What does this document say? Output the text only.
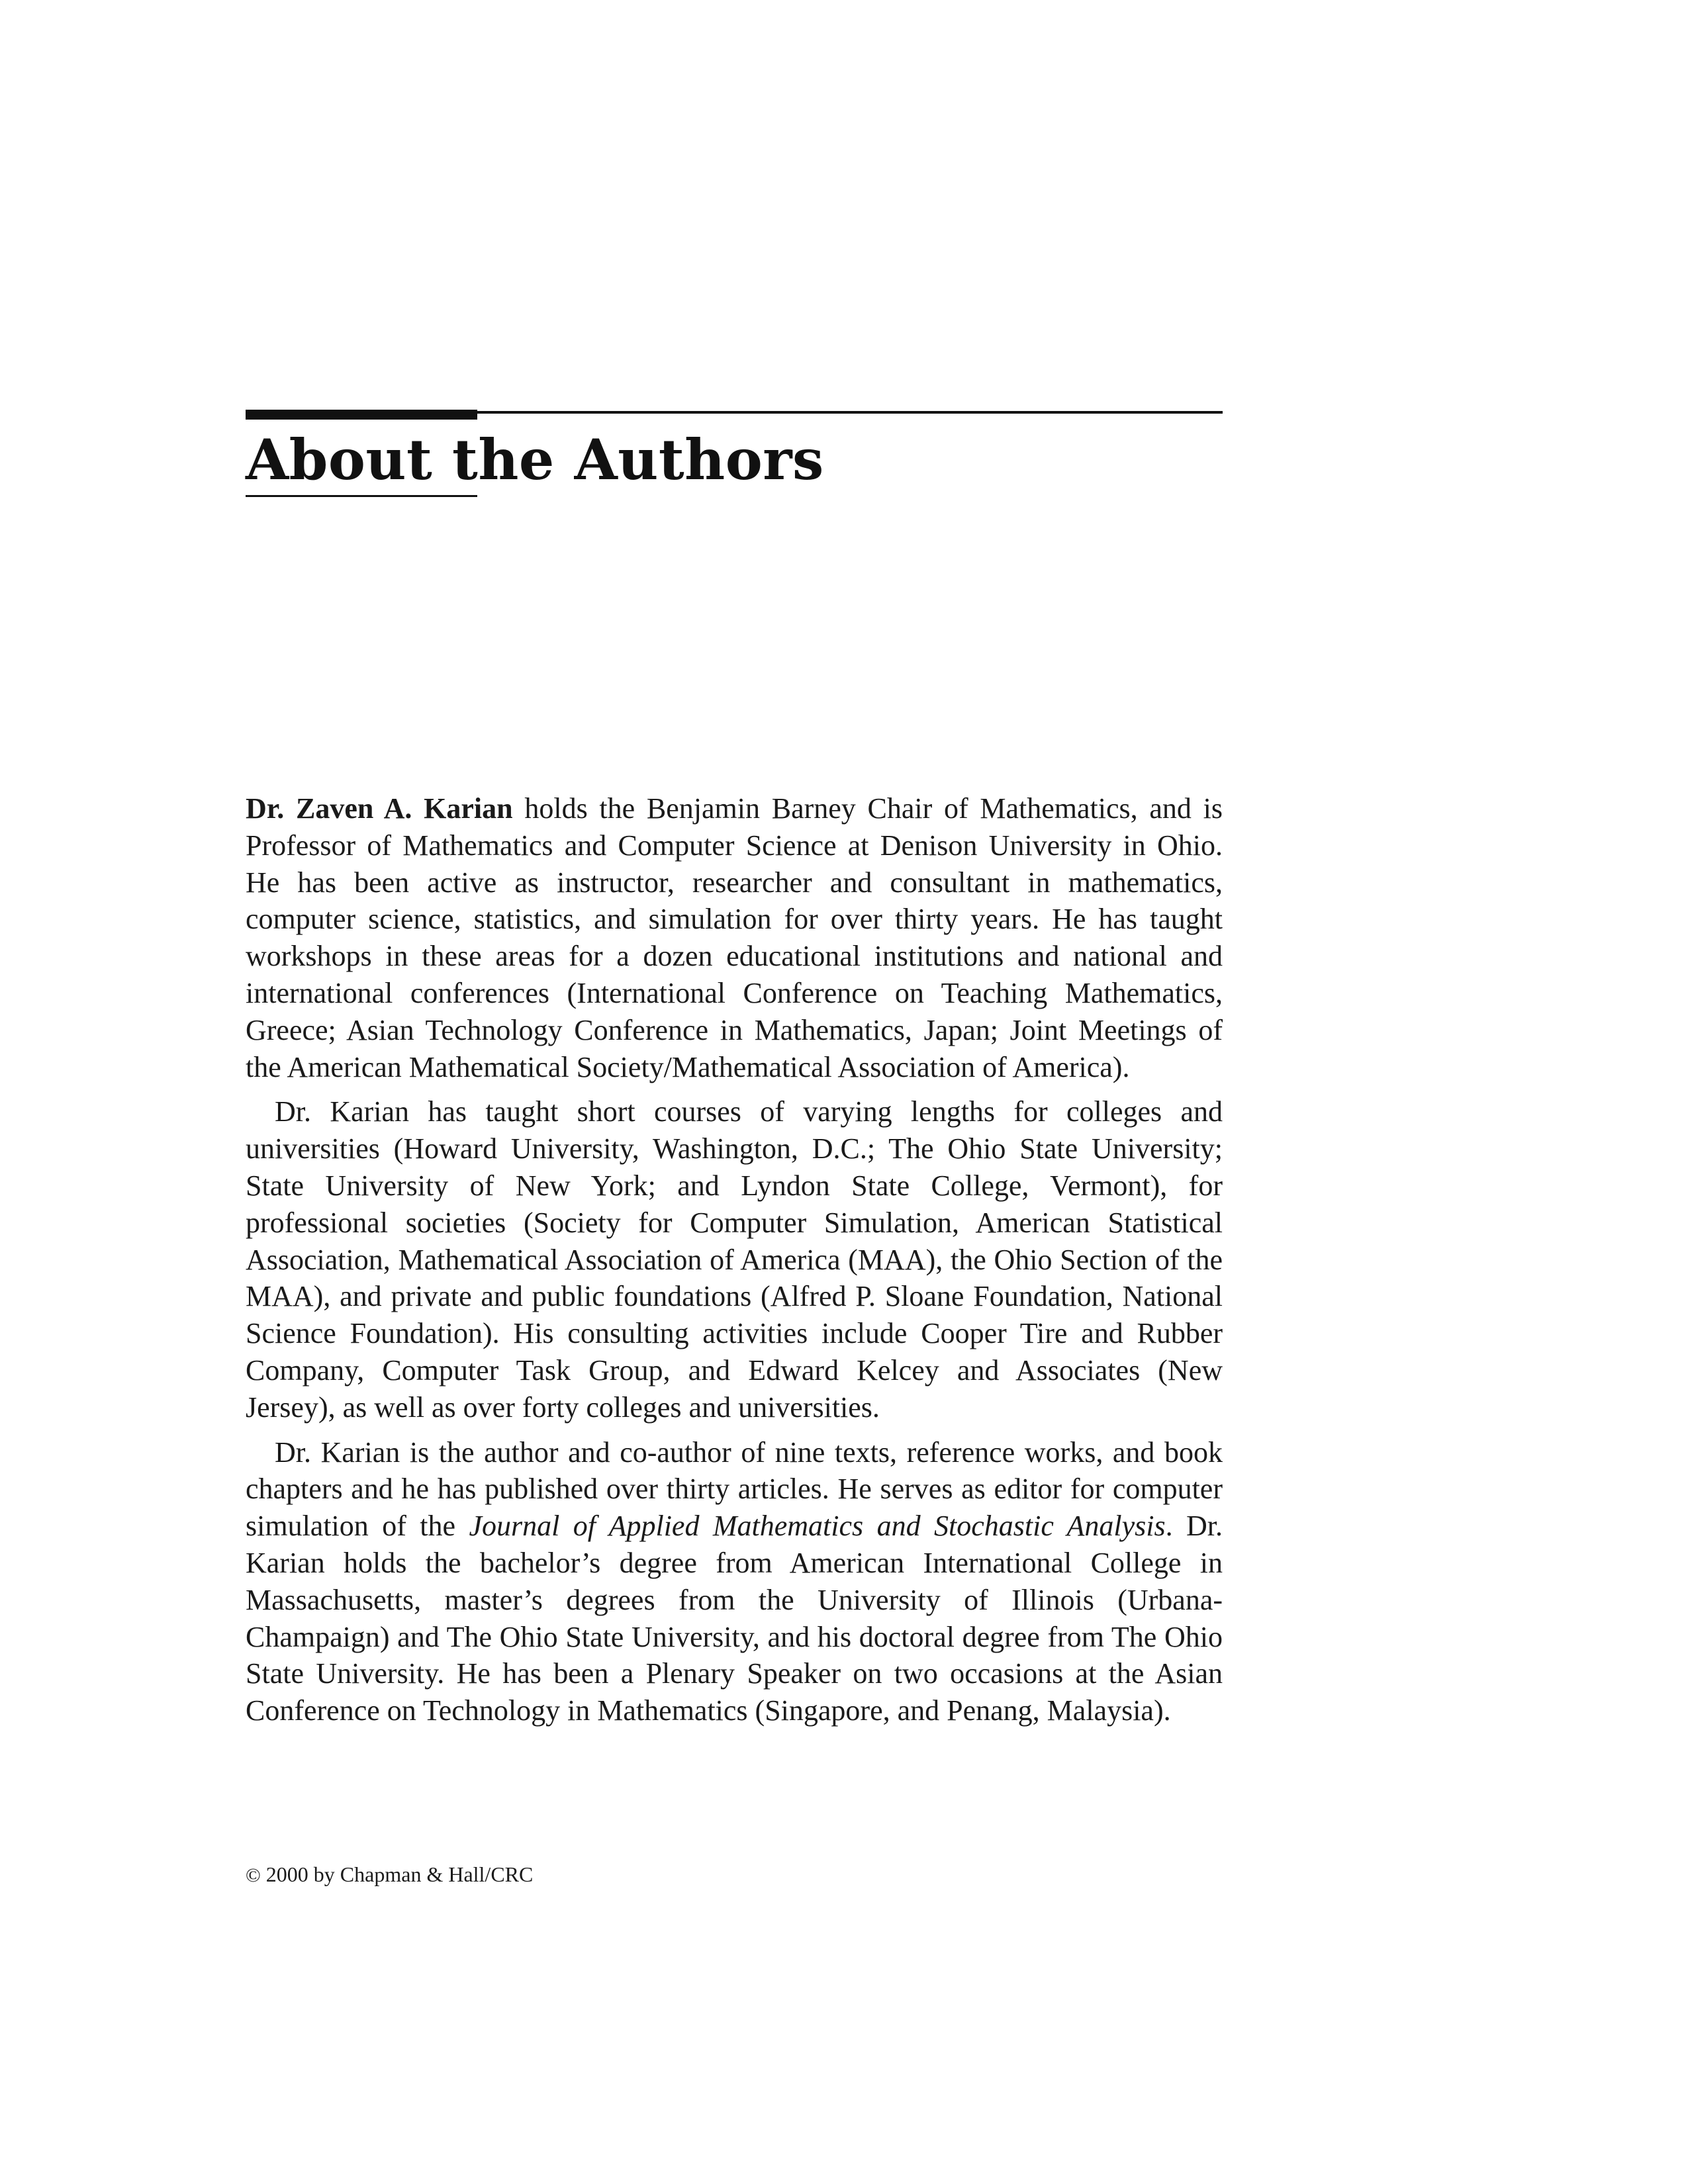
About the Authors

Dr. Zaven A. Karian holds the Benjamin Barney Chair of Mathematics, and is Professor of Mathematics and Computer Science at Denison University in Ohio. He has been active as instructor, researcher and consultant in mathematics, computer science, statistics, and simulation for over thirty years. He has taught workshops in these areas for a dozen educational institutions and national and international conferences (International Conference on Teaching Mathematics, Greece; Asian Technology Conference in Mathematics, Japan; Joint Meetings of the American Mathematical Society/Mathematical Association of America).

Dr. Karian has taught short courses of varying lengths for colleges and universities (Howard University, Washington, D.C.; The Ohio State University; State University of New York; and Lyndon State College, Vermont), for professional societies (Society for Computer Simulation, American Statistical Association, Mathematical Association of America (MAA), the Ohio Section of the MAA), and private and public foundations (Alfred P. Sloane Foundation, National Science Foundation). His consulting activities include Cooper Tire and Rubber Company, Computer Task Group, and Edward Kelcey and Associates (New Jersey), as well as over forty colleges and universities.

Dr. Karian is the author and co-author of nine texts, reference works, and book chapters and he has published over thirty articles. He serves as editor for computer simulation of the Journal of Applied Mathematics and Stochastic Analysis. Dr. Karian holds the bachelor’s degree from American International College in Massachusetts, master’s degrees from the University of Illinois (Urbana-Champaign) and The Ohio State University, and his doctoral degree from The Ohio State University. He has been a Plenary Speaker on two occasions at the Asian Conference on Technology in Mathematics (Singapore, and Penang, Malaysia).

© 2000 by Chapman & Hall/CRC
